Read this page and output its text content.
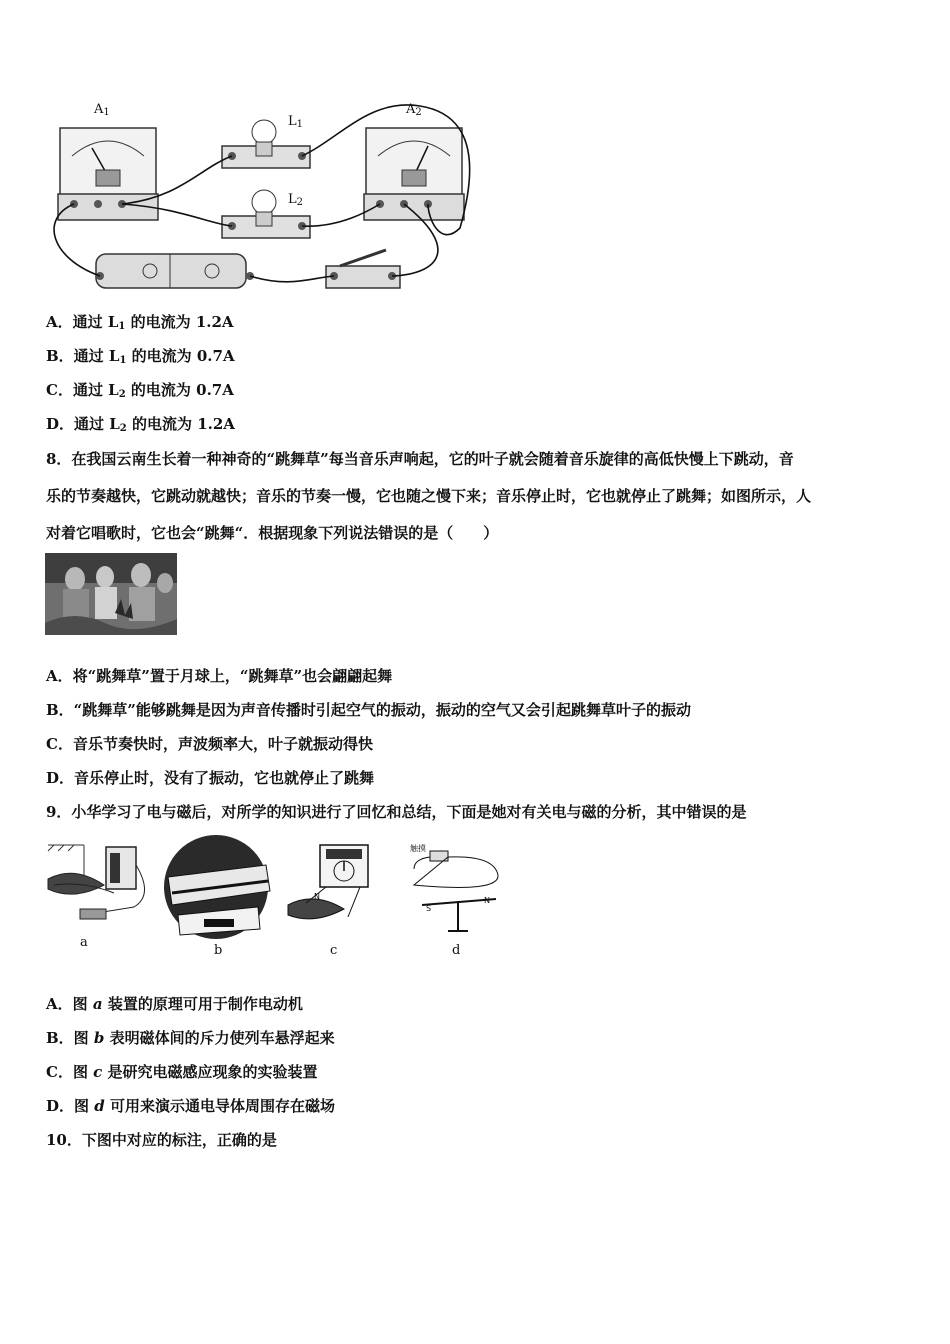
$A_1$
$L_1$
$L_2$
$A_2$
A．通过 $L_1$ 的电流为 1.2A
B．通过 $L_1$ 的电流为 0.7A
C．通过 $L_2$ 的电流为 0.7A
D．通过 $L_2$ 的电流为 1.2A
8．在我国云南生长着一种神奇的“跳舞草”每当音乐声响起，它的叶子就会随着音乐旋律的高低快慢上下跳动，音
乐的节奏越快，它跳动就越快；音乐的节奏一慢，它也随之慢下来；音乐停止时，它也就停止了跳舞；如图所示，人
对着它唱歌时，它也会“跳舞“．根据现象下列说法错误的是（　　）
A．将“跳舞草”置于月球上，“跳舞草”也会翩翩起舞
B．“跳舞草”能够跳舞是因为声音传播时引起空气的振动，振动的空气又会引起跳舞草叶子的振动
C．音乐节奏快时，声波频率大，叶子就振动得快
D．音乐停止时，没有了振动，它也就停止了跳舞
9．小华学习了电与磁后，对所学的知识进行了回忆和总结，下面是她对有关电与磁的分析，其中错误的是
N
S
N
a
b	c	d
触摸
A．图 a 装置的原理可用于制作电动机
B．图 b 表明磁体间的斥力使列车悬浮起来
C．图 c 是研究电磁感应现象的实验装置
D．图 d 可用来演示通电导体周围存在磁场
10．下图中对应的标注，正确的是
